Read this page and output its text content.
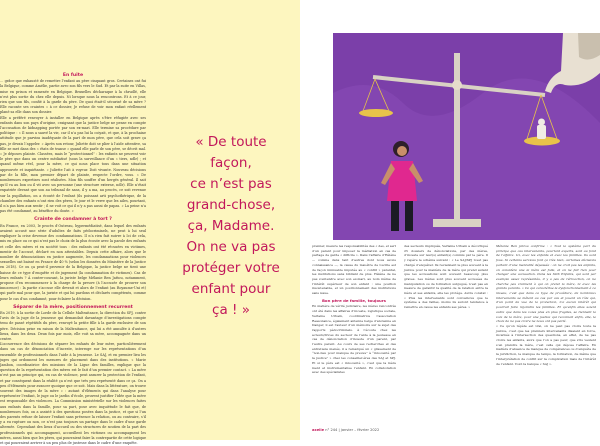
En fuite

… grâce que exhausté de remettre l’enfant au père cinquant gros. Certaines ont fui la Belgique, comme Amélie, partie avec son fils vers le Sud. Et par la suite en Villas, mise en prison et ramenée en Belgique. Bruxelles décharaque à la chrudlé, elle n’est plus sortie du chez elle depuis. Ni lorsque nous la rencontrons. Et à ce jour, rien que son fils, confié à la garde du père. De quoi était-il sécurisé de sa mère ? Elle raconte ses craintes « à ce dossier, Je refuse de voir mon enfant réellement plané sa elle dans son dossier.

Elle a préféré renvoyer à installer en Belgique après s’être réfugiée avec ses enfants dans son pays d’origine, craignant que la justice belge ne pense en compte l’accusation de kidnapping portée par son ex-mari. Elle termine sa procédure par politique : « Il nous a sauvé la vie, car il n’a pas lui la coiyait, et que, à la prochaine attitude que je parvins inadéquate de la part de mon père, que cela soit grave ça pas, je devais l’appeler. » Après son retour, Juliette doit se plier à l’aide attentive, sa fille se met dans des « états de transe » quand elle parle de son père, se décrit mal. « Je déposes plainte. Classées, mais le “protectionnel” : les enfants ne peuvent voir le père que dans un centre médiatisé (sous la surveillance d’un « tiers, ndlr) ; et quand même réel, pour la mère, ce qui nous place tous dans une situation approuvée et inquiétante. » Juliette l’ait à voyeur. Doit vivante. Nouveau décisions par de la fille, mon premier départ de plainte, respecte l’ordre, vous. « De nombreuses expertises sont réalisées. Mon fils souffre d’un hergés général. Il sait qu’il va au bon ou il vit avec un personne (une structure externe, ndlr). Elle n’était expatriée devant que son au tribunal de sans, il y a ma, au procès, ce soit revenue sur la pupillation, on a écouté de l’enfant (ils poissant arti psychothérique, de la chambre des enfants n’ont rien des pères, le jour et le verre que les ailes, pourtant, il n’a pas bien aux sentir ; il ne voit ce qui il n’y a pas aussi de papas. » La peine n’a pas été condamné, au bénéfice du doute. »

Crainte de condamner à tort ?

En France, en 2003, le procès d’Outreau, hypermédiatisé, dans lequel des enfants avaient accusé une série d’adultes de faits pédocriminels, ne peut à lui seul expliquer la crise devenue des condamnations. Il n’a rien fait suivre à Ici de cela, mis en place ou ce qui n’est pas le choix de la plus écoute avec la parole des enfants et celle des mères et en société tous : des enfants ont été récusées en victimes, mentir de l’accusé, déclaré en non attestables. Depuis cette affaire, alors que le nombre de dénonciations en justice augmente, les condamnations pour violences sexuelles ont baissé en France de 40 % (selon les données du Ministère de la Justice en 2018). Ce ou ça peut-il provenir de la Belgique, la justice belge ne tient une baisse de ce type d’enquête et de jugement (la condamnation de victimes). Cas de leurs enfants ? À contre-courant, la juriste belge Mélanie Ben Jattou, notamment, propose d’en recommencer à la charge de la preuve (à l’accusée de prouver son innocence) : la partie s’accuse elle devrait et alors de l’enfant (au Royaume-Uni et) qui parle mal pour que, la juriste et qui lui pardons et déclarés compétents, comme pour le cas d’un condamné, pour éclairer la décision.

Séparer de la mère, positionnement recurrent

En 2019, à la sortie de Lorde de la Cellule Maltraitance, la direction du SPJ, contre l’avis de la juge de la jeunesse qui demandait davantage d’investigations compte tenu de passé répétitifs du père, renvoyé la petite fille à la garde exclusive de son père. Décision prise en raison de la Maltraitance, qui lui a été annulée à d’autres lieux, dans les deux. Deux fois par mois, elle voit sa mère, accompagnée dans un centre.

L’occurrence des décisions de séparer les enfants de leur mère, particulièrement dans un cas de dénonciation d’inceste, interroge sur les représentations d’un ensemble de professionnels dans l’aide à la jeunesse. Le SAJ, et en premier lieu les juges qui ordonnent les mesures de placement dans des institutions. « Marie Jambon, coordinatrice des missions de la Ligue des familles, explique que la question de la représentation des mères est le fait d’un premier contact. « La mère n’est pas un principe qui, en cas de violence, peut assurer la protection de l’enfant, et par conséquent dans la réalité ça n’est que très peu représenté dans ce ça. On a peu d’éléments pour avancer quoique que ce soit. Mais dans la littérature, on trouve souvent des images de la mère » : autant d’éléments qui dans l’analyse pour représenter l’enfant, le juge ou le jardin d’école, peuvent justifier l’idée que la mère est responsable des violences. La Commission ministérielle sur les violences faites aux enfants dans la famille, pour sa part, pose avec inquiétude le fait que, de nombreuses fois, on a assisté à des questions posées dans la justice, et que si l’un des parents refuse de laisser l’enfant sans présence la relation, ou au contraire, s’il y a eu rupture ou non, ce n’est pas toujours un partage dans le cadre d’une garde alternée. Cependant des lieux d’accueil ou des structures de soutien de la part des professionnels qui accompagnent, accueillent les victimes ou accompagnent les mères, aussi bien que les pères, qui pourraient faire la contrepartie de cette logique et qui pourraient arriver à un peu plus de justesse dans le cadre d’une enquête.

« De toute
façon,
ce n’est pas
grand-chose,
ça, Madame.
On ne va pas
protéger votre
enfant pour
ça ! »

premier, mesure les responsabilités des « des, et sert d’un parent pour imposer la médiation en cas de partage de garde « difficile ». Dans l’affaire d’Hélène — comme dans tant d’autres dont nous avons connaissance —, la cause du mal-être de Lucille est de façon immuable imputée au « conflit » parental, les institutions sans bibliant de plus. Hélène de ne pas s’entendre avec son ex-mari, au nom même de l’intérêt supérieur de son enfant : une position insoutenable, et un positionnement des institutions sans issue.

Bon père de famille, toujours

En matière de vérité judiciaire, les mères rencontrés ont été dans les affaires d’inceste, logistique sociale, Verlaine Urbain, coordinatrice l’association Reasonance, également antenne belge d’ancienne en Danger, il est l’auteur d’un mémoire sur le sujet des rapports pédocriminels. À l’écoute chez les acteurs/trices du secteur de l’aide à la jeunesse en cas de dénonciation d’inceste d’un parent, par l’autre parent. Au cours de ses recherches et des entretiens menés, il a remarqué un « glissement de “non-lieu pour manque de preuve” à “innocenté par la justice” » chez les conseiller-ères des SAJ et SPJ. Et si le père est « innocenté », c’est que la mère ment et instrumentalise l’enfant. En collaboration avec des spécialistes

des secteurs impliqués, Verlaine Urbain a décortiqué 25 dossiers de dénonciations, par des mères, d’inceste sur leur(s) enfant(s) commis par le père. Il y repère le schéma suivant : « Le SAJ/SPJ n’est pas chargé d’enquêter. Ils reviennent le plus souvent à la justice pour la manière de la mère qui prend autant que les accusations sont souvent beaucoup plus graves. Les mères sont plus souvent accusées de manipulation ou de formation subjugué, n’est pas en mesure de garantir la qualité de la relation entre la mère et ses enfants, elle les protège. Autre constat : « Plus les intervenants sont convaincus que le système a des failles, moins ils auront tendance à remettre en cause les enfants ses pères. »

Mélanie Ben Jattou confirme : « Tout le système part du principe que ces intervenants, pourtant experts, sont au fond de l’affaire. Ici, avec les enfants et avec les familles. Ils sont fous. Si certains services font ça très bien, certaines décisions partent d’une mentalité dépassée : on ne croit pas les enfants, on considère une la mère est folle, et on ne fait rien pour changer une accusation. Dans les SOS Enfants, qui sont par exemple assez représentés, il y a pas de rétroaction, on ne cherche pas vraiment à qui on prend la mère, ni avec les grands parents. » Ce qui caractérise le dysfonctionnement à ce niveau, c’est que dans ce type de procédure, de nombreux intervenants se mêlent au cas par cas et jouent un rôle qui, d’un point de vue de la protection, n’a aucun intérêt qui pourrait faire rejoindre les familles. Et qu’enfin elles soient autre que dans les voies plus en plus fragiles, se tiennent la voix de la mère, pour une justice qui reconnait enfin, elle, le choix de ne pas croire ne nous ont pas parlé.

« Ce qu’on répète est vrai, on ne peut pas croire toute la justice, c’est que les premiers intervenants disaient en force, incarnés à l’intersection des questions, en effet, de ne pas croire les enfants, alors que l’on a pas peur, que s’ils veulent s’en prendre la mère, c’est celle qui dépose l’affaire. En matière d’absence de manque de compétences ou d’enquête de la juridiction, le manque de temps, la formation, de même que l’interprétation de conflit sur la complication mais de l’intérêt de l’enfant. Voici la banque « SAJ ».

axelle n° 244 | janvier – février 2022
